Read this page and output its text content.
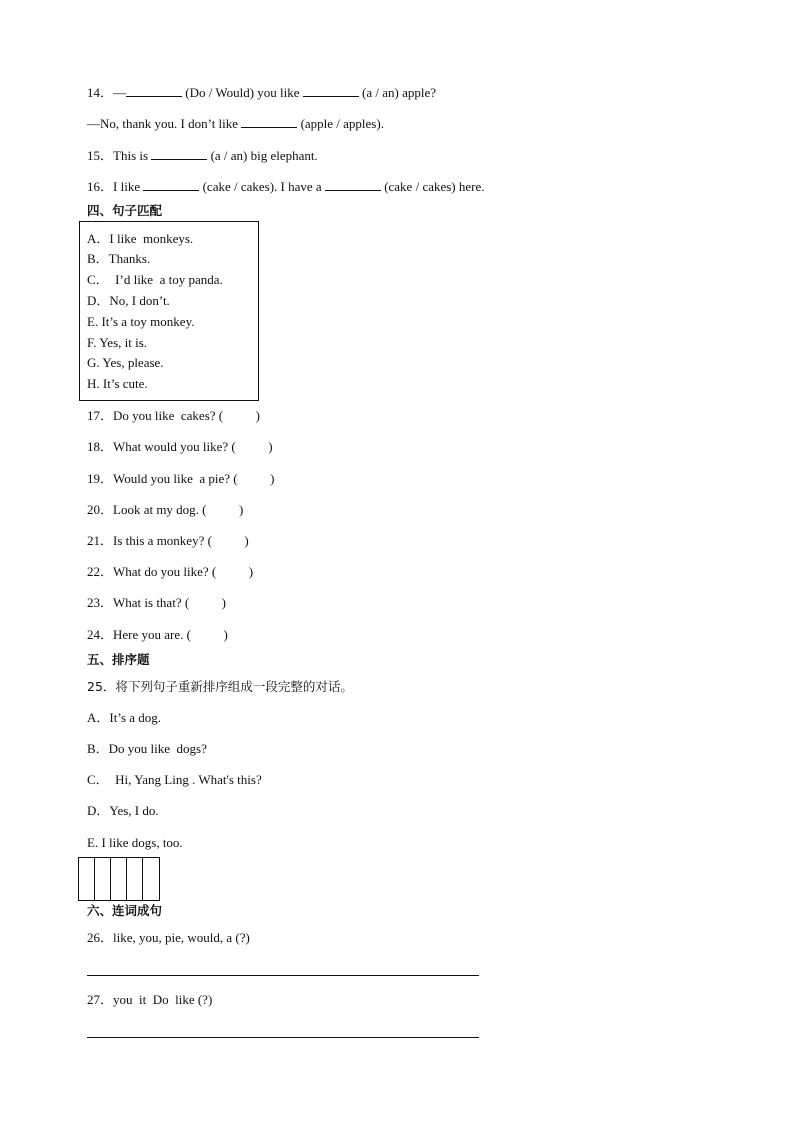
14．—	(Do / Would) you like	(a / an) apple?
—No, thank you. I don’t like	(apple / apples).
15．This is	(a / an) big elephant.
16．I like	(cake / cakes). I have a	(cake / cakes) here.
四、句子匹配
A．I like  monkeys.
B．Thanks.
C．  I’d like  a toy panda.
D．No, I don’t.
E. It’s a toy monkey.
F. Yes, it is.
G. Yes, please.
H. It’s cute.
17．Do you like  cakes? (          )
18．What would you like? (          )
19．Would you like  a pie? (          )
20．Look at my dog. (          )
21．Is this a monkey? (          )
22．What do you like? (          )
23．What is that? (          )
24．Here you are. (          )
五、排序题
25．将下列句子重新排序组成一段完整的对话。
A．It’s a dog.
B．Do you like  dogs?
C．  Hi, Yang Ling . What's this?
D．Yes, I do.
E. I like dogs, too.
六、连词成句
26．like, you, pie, would, a (?)
27．you  it  Do  like (?)
